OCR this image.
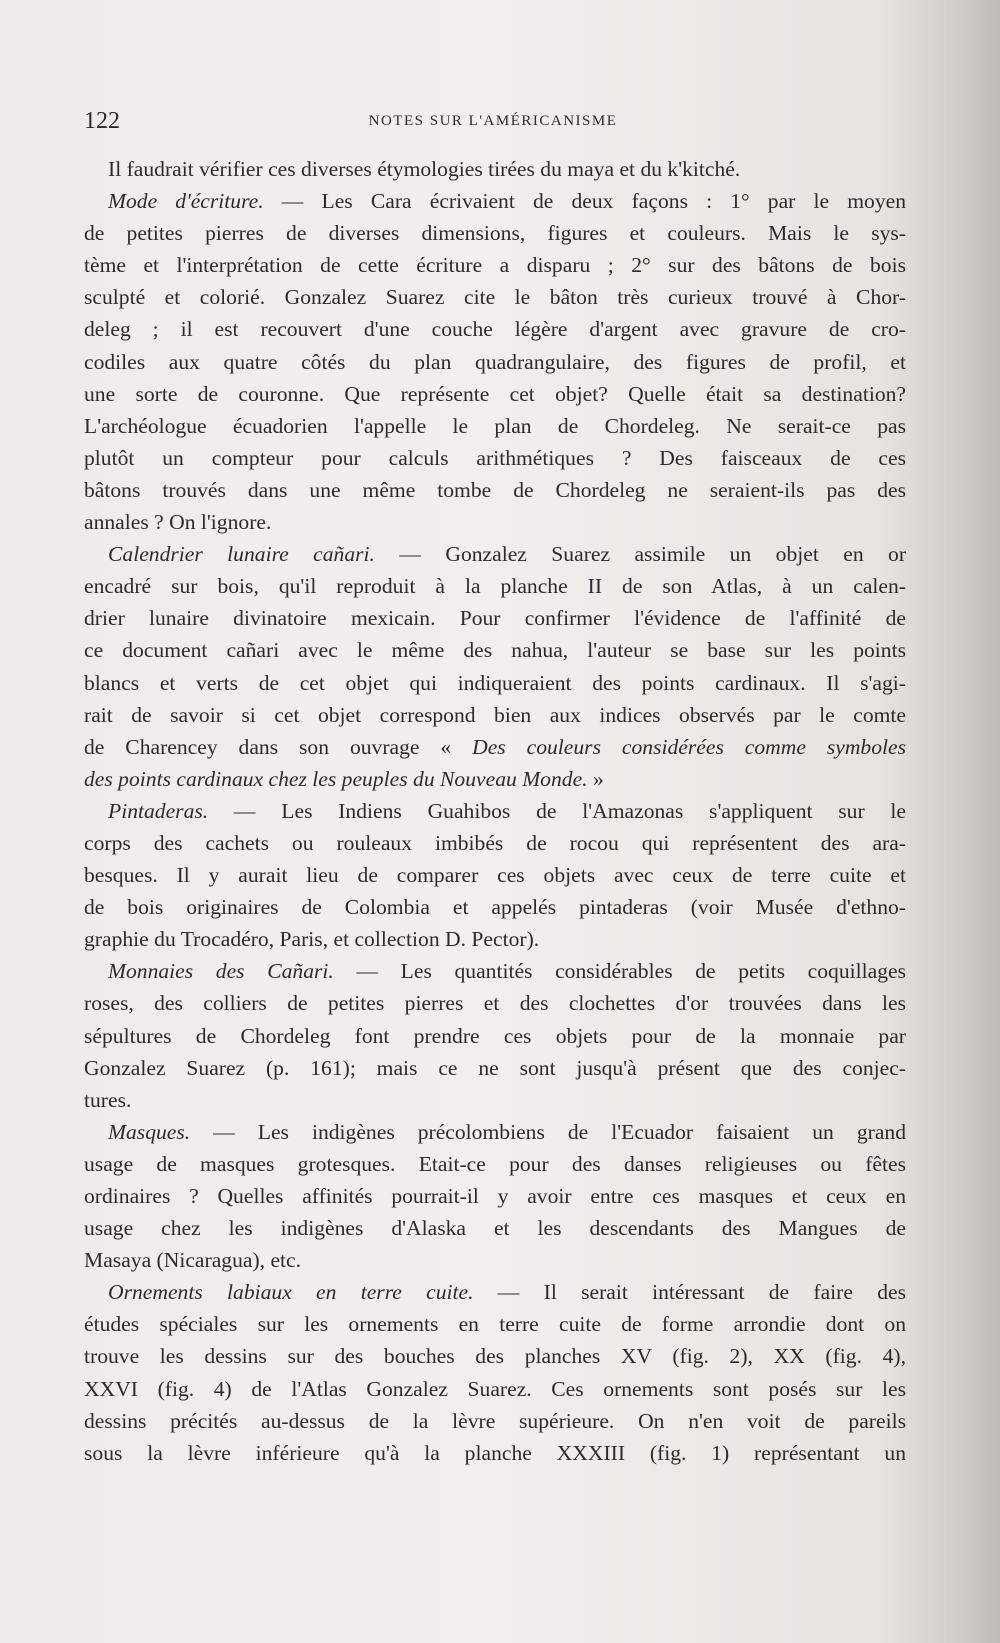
122	NOTES SUR L'AMÉRICANISME
Il faudrait vérifier ces diverses étymologies tirées du maya et du k'kitché.
Mode d'écriture. — Les Cara écrivaient de deux façons : 1° par le moyen
de petites pierres de diverses dimensions, figures et couleurs. Mais le sys-
tème et l'interprétation de cette écriture a disparu ; 2° sur des bâtons de bois
sculpté et colorié. Gonzalez Suarez cite le bâton très curieux trouvé à Chor-
deleg ; il est recouvert d'une couche légère d'argent avec gravure de cro-
codiles aux quatre côtés du plan quadrangulaire, des figures de profil, et
une sorte de couronne. Que représente cet objet? Quelle était sa destination?
L'archéologue écuadorien l'appelle le plan de Chordeleg. Ne serait-ce pas
plutôt un compteur pour calculs arithmétiques ? Des faisceaux de ces
bâtons trouvés dans une même tombe de Chordeleg ne seraient-ils pas des
annales ? On l'ignore.
Calendrier lunaire cañari. — Gonzalez Suarez assimile un objet en or
encadré sur bois, qu'il reproduit à la planche II de son Atlas, à un calen-
drier lunaire divinatoire mexicain. Pour confirmer l'évidence de l'affinité de
ce document cañari avec le même des nahua, l'auteur se base sur les points
blancs et verts de cet objet qui indiqueraient des points cardinaux. Il s'agi-
rait de savoir si cet objet correspond bien aux indices observés par le comte
de Charencey dans son ouvrage « Des couleurs considérées comme symboles
des points cardinaux chez les peuples du Nouveau Monde. »
Pintaderas. — Les Indiens Guahibos de l'Amazonas s'appliquent sur le
corps des cachets ou rouleaux imbibés de rocou qui représentent des ara-
besques. Il y aurait lieu de comparer ces objets avec ceux de terre cuite et
de bois originaires de Colombia et appelés pintaderas (voir Musée d'ethno-
graphie du Trocadéro, Paris, et collection D. Pector).
Monnaies des Cañari. — Les quantités considérables de petits coquillages
roses, des colliers de petites pierres et des clochettes d'or trouvées dans les
sépultures de Chordeleg font prendre ces objets pour de la monnaie par
Gonzalez Suarez (p. 161); mais ce ne sont jusqu'à présent que des conjec-
tures.
Masques. — Les indigènes précolombiens de l'Ecuador faisaient un grand
usage de masques grotesques. Etait-ce pour des danses religieuses ou fêtes
ordinaires ? Quelles affinités pourrait-il y avoir entre ces masques et ceux en
usage chez les indigènes d'Alaska et les descendants des Mangues de
Masaya (Nicaragua), etc.
Ornements labiaux en terre cuite. — Il serait intéressant de faire des
études spéciales sur les ornements en terre cuite de forme arrondie dont on
trouve les dessins sur des bouches des planches XV (fig. 2), XX (fig. 4),
XXVI (fig. 4) de l'Atlas Gonzalez Suarez. Ces ornements sont posés sur les
dessins précités au-dessus de la lèvre supérieure. On n'en voit de pareils
sous la lèvre inférieure qu'à la planche XXXIII (fig. 1) représentant un
